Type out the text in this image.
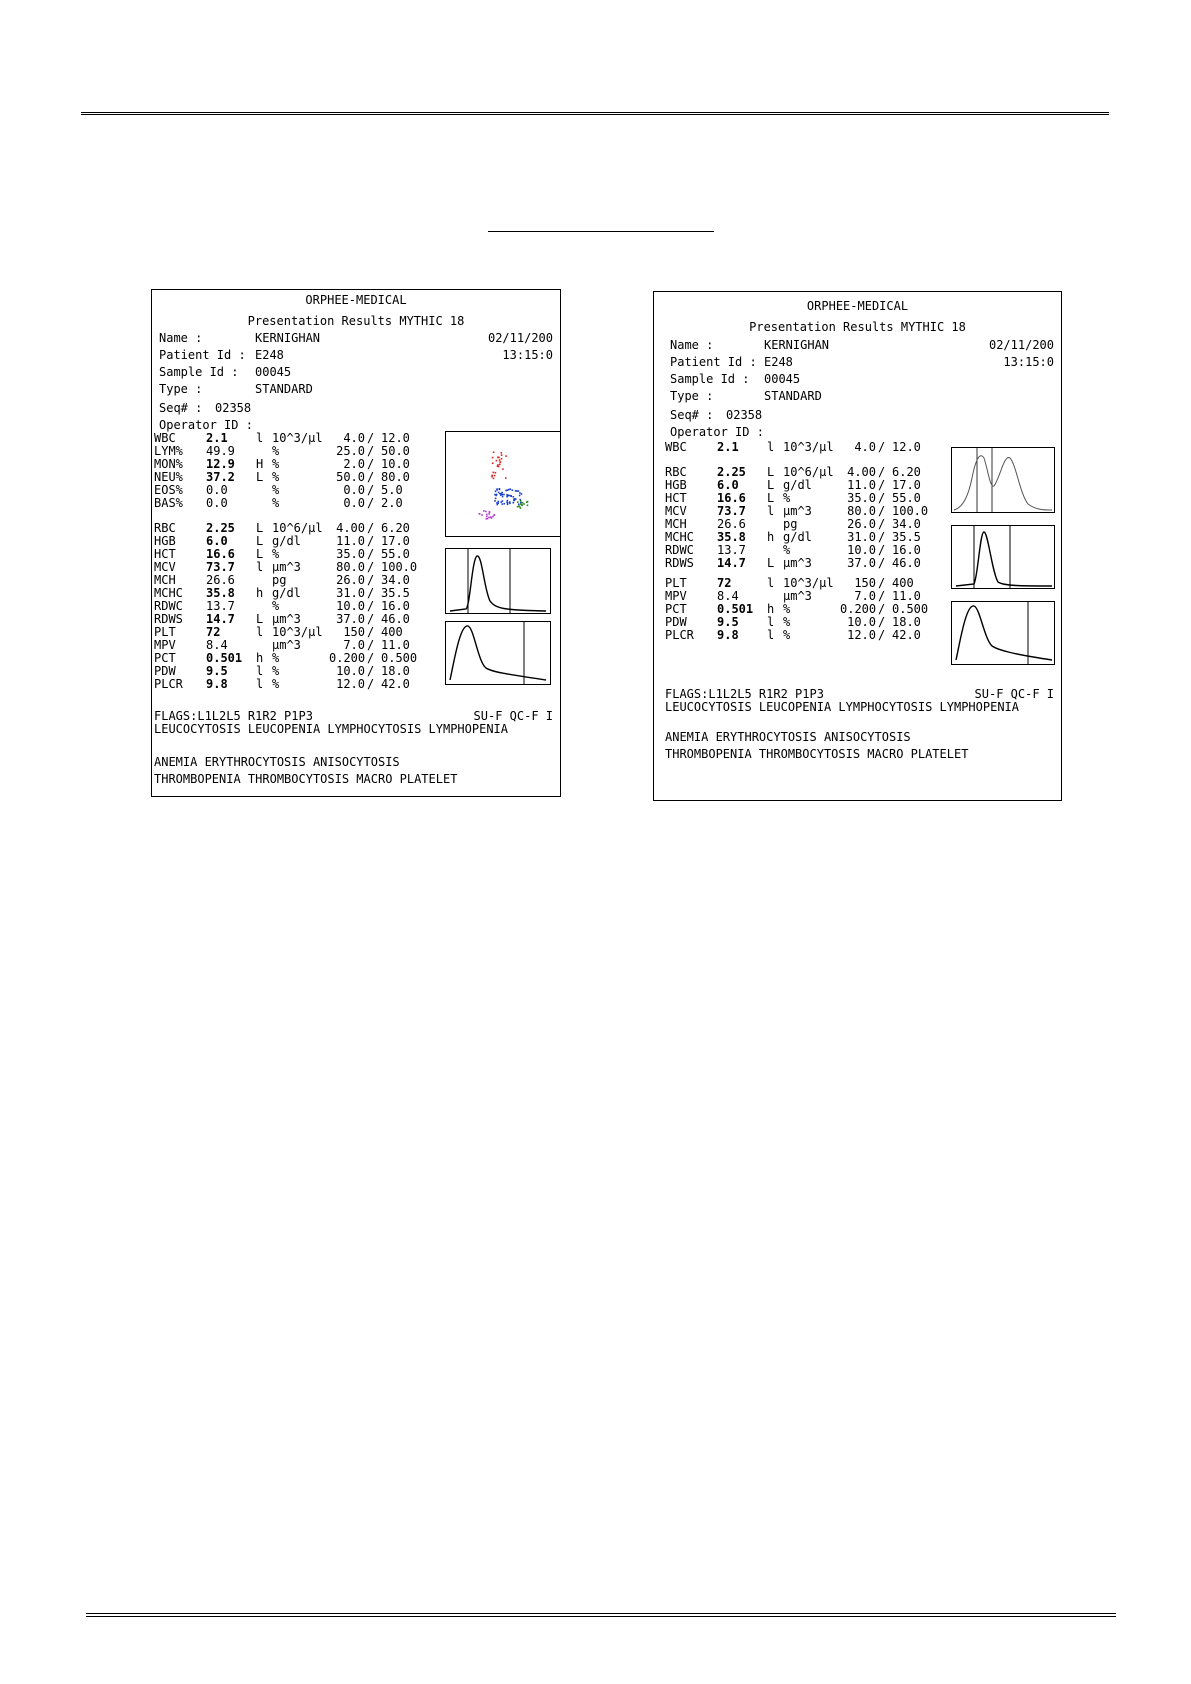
ORPHEE-MEDICAL
Presentation Results MYTHIC 18
Name :	KERNIGHAN	02/11/200
Patient Id : E248	13:15:0
Sample Id : 00045
Type :	STANDARD
Seq# : 02358
Operator ID :
WBC	2.1 l 10^3/µl	4.0 / 12.0
LYM% 49.9	%	25.0 / 50.0
MON% 12.9 H %	2.0 / 10.0
NEU% 37.2 L %	50.0 / 80.0
EOS% 0.0	%	0.0 / 5.0
BAS% 0.0	%	0.0 / 2.0
RBC	2.25 L 10^6/µl	4.00 / 6.20
HGB	6.0 L g/dl	11.0 / 17.0
HCT	16.6 L %	35.0 / 55.0
MCV	73.7 l µm^3	80.0 / 100.0
MCH	26.6	pg	26.0 / 34.0
MCHC 35.8 h g/dl	31.0 / 35.5
RDWC 13.7	%	10.0 / 16.0
RDWS 14.7 L µm^3	37.0 / 46.0
PLT	72	l 10^3/µl	150 / 400
MPV	8.4	µm^3	7.0 / 11.0
PCT	0.501 h %	0.200 / 0.500
PDW	9.5 l %	10.0 / 18.0
PLCR 9.8 l %	12.0 / 42.0
FLAGS:L1L2L5 R1R2 P1P3	SU-F QC-F I
LEUCOCYTOSIS LEUCOPENIA LYMPHOCYTOSIS LYMPHOPENIA
ANEMIA ERYTHROCYTOSIS ANISOCYTOSIS
THROMBOPENIA THROMBOCYTOSIS MACRO PLATELET
ORPHEE-MEDICAL
Presentation Results MYTHIC 18
Name :	KERNIGHAN	02/11/200
Patient Id : E248	13:15:0
Sample Id : 00045
Type :	STANDARD
Seq# : 02358
Operator ID :
WBC	2.1 l 10^3/µl	4.0 / 12.0
RBC	2.25 L 10^6/µl	4.00 / 6.20
HGB	6.0 L g/dl	11.0 / 17.0
HCT	16.6 L %	35.0 / 55.0
MCV	73.7 l µm^3	80.0 / 100.0
MCH	26.6	pg	26.0 / 34.0
MCHC 35.8 h g/dl	31.0 / 35.5
RDWC 13.7	%	10.0 / 16.0
RDWS 14.7 L µm^3	37.0 / 46.0
PLT	72	l 10^3/µl	150 / 400
MPV	8.4	µm^3	7.0 / 11.0
PCT	0.501 h %	0.200 / 0.500
PDW	9.5 l %	10.0 / 18.0
PLCR 9.8 l %	12.0 / 42.0
FLAGS:L1L2L5 R1R2 P1P3	SU-F QC-F I
LEUCOCYTOSIS LEUCOPENIA LYMPHOCYTOSIS LYMPHOPENIA
ANEMIA ERYTHROCYTOSIS ANISOCYTOSIS
THROMBOPENIA THROMBOCYTOSIS MACRO PLATELET
